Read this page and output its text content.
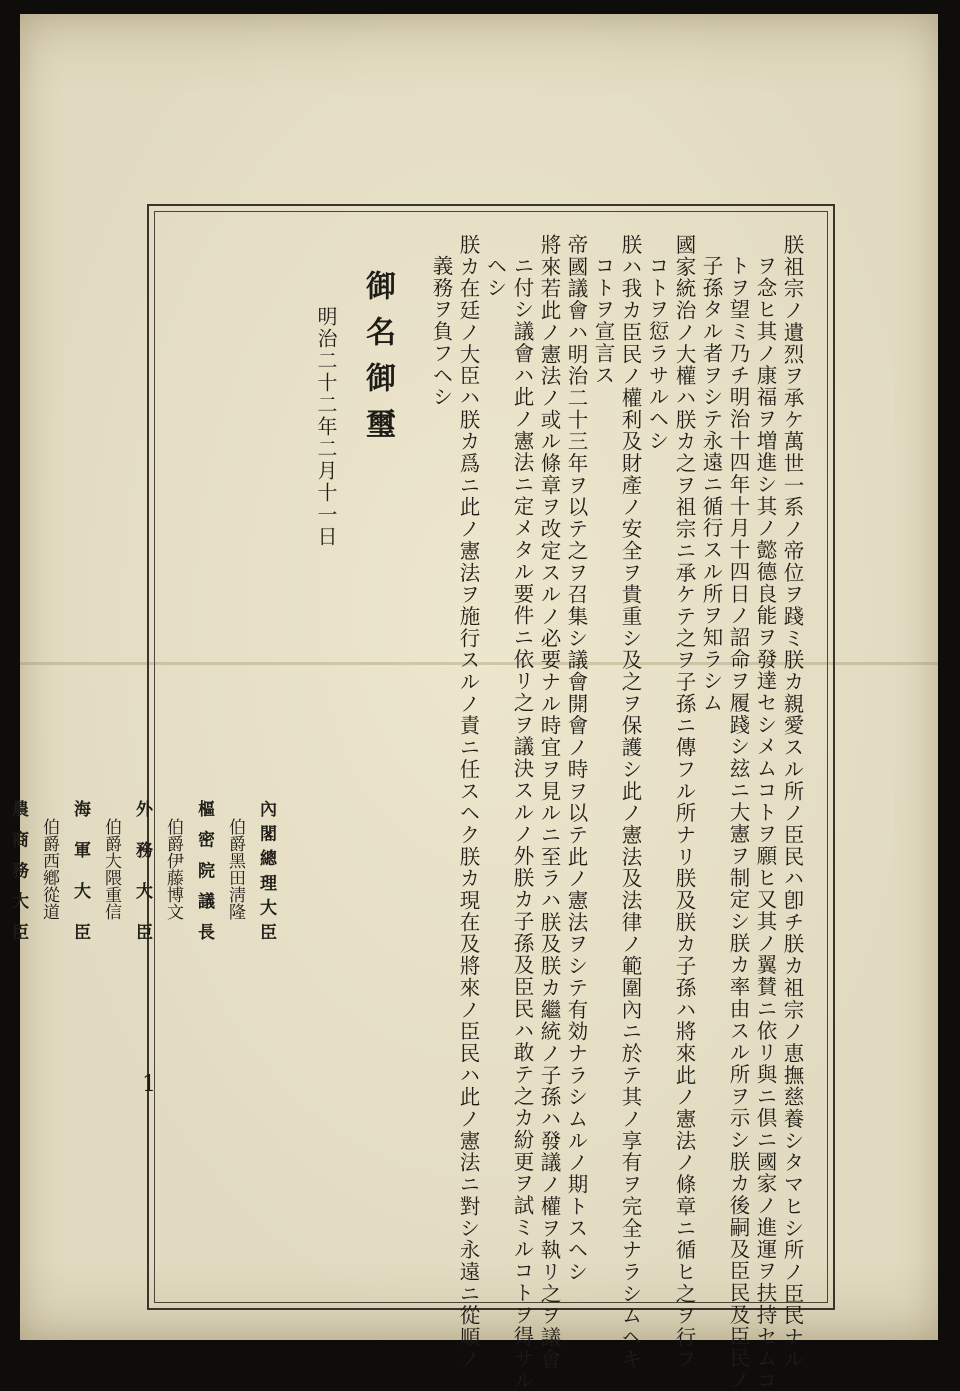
朕祖宗ノ遺烈ヲ承ケ萬世一系ノ帝位ヲ踐ミ朕カ親愛スル所ノ臣民ハ卽チ朕カ祖宗ノ恵撫慈養シタマヒシ所ノ臣民ナル

ヲ念ヒ其ノ康福ヲ増進シ其ノ懿德良能ヲ發達セシメムコトヲ願ヒ又其ノ翼賛ニ依リ與ニ倶ニ國家ノ進運ヲ扶持セムコ

トヲ望ミ乃チ明治十四年十月十四日ノ詔命ヲ履踐シ玆ニ大憲ヲ制定シ朕カ率由スル所ヲ示シ朕カ後嗣及臣民及臣民ノ

子孫タル者ヲシテ永遠ニ循行スル所ヲ知ラシム

國家統治ノ大權ハ朕カ之ヲ祖宗ニ承ケテ之ヲ子孫ニ傳フル所ナリ朕及朕カ子孫ハ將來此ノ憲法ノ條章ニ循ヒ之ヲ行フ

コトヲ愆ラサルヘシ

朕ハ我カ臣民ノ權利及財產ノ安全ヲ貴重シ及之ヲ保護シ此ノ憲法及法律ノ範圍內ニ於テ其ノ享有ヲ完全ナラシムヘキ

コトヲ宣言ス

帝國議會ハ明治二十三年ヲ以テ之ヲ召集シ議會開會ノ時ヲ以テ此ノ憲法ヲシテ有効ナラシムルノ期トスヘシ

將來若此ノ憲法ノ或ル條章ヲ改定スルノ必要ナル時宜ヲ見ルニ至ラハ朕及朕カ繼統ノ子孫ハ發議ノ權ヲ執リ之ヲ議會

ニ付シ議會ハ此ノ憲法ニ定メタル要件ニ依リ之ヲ議決スルノ外朕カ子孫及臣民ハ敢テ之カ紛更ヲ試ミルコトヲ得サル

ヘシ

朕カ在廷ノ大臣ハ朕カ爲ニ此ノ憲法ヲ施行スルノ責ニ任スヘク朕カ現在及將來ノ臣民ハ此ノ憲法ニ對シ永遠ニ從順ノ

義務ヲ負フヘシ

御名御璽

明治二十二年二月十一日

內閣總理大臣
伯爵黑田淸隆
樞密院議長
伯爵伊藤博文
外務大臣
伯爵大隈重信
海軍大臣
伯爵西鄕從道
農商務大臣
1
